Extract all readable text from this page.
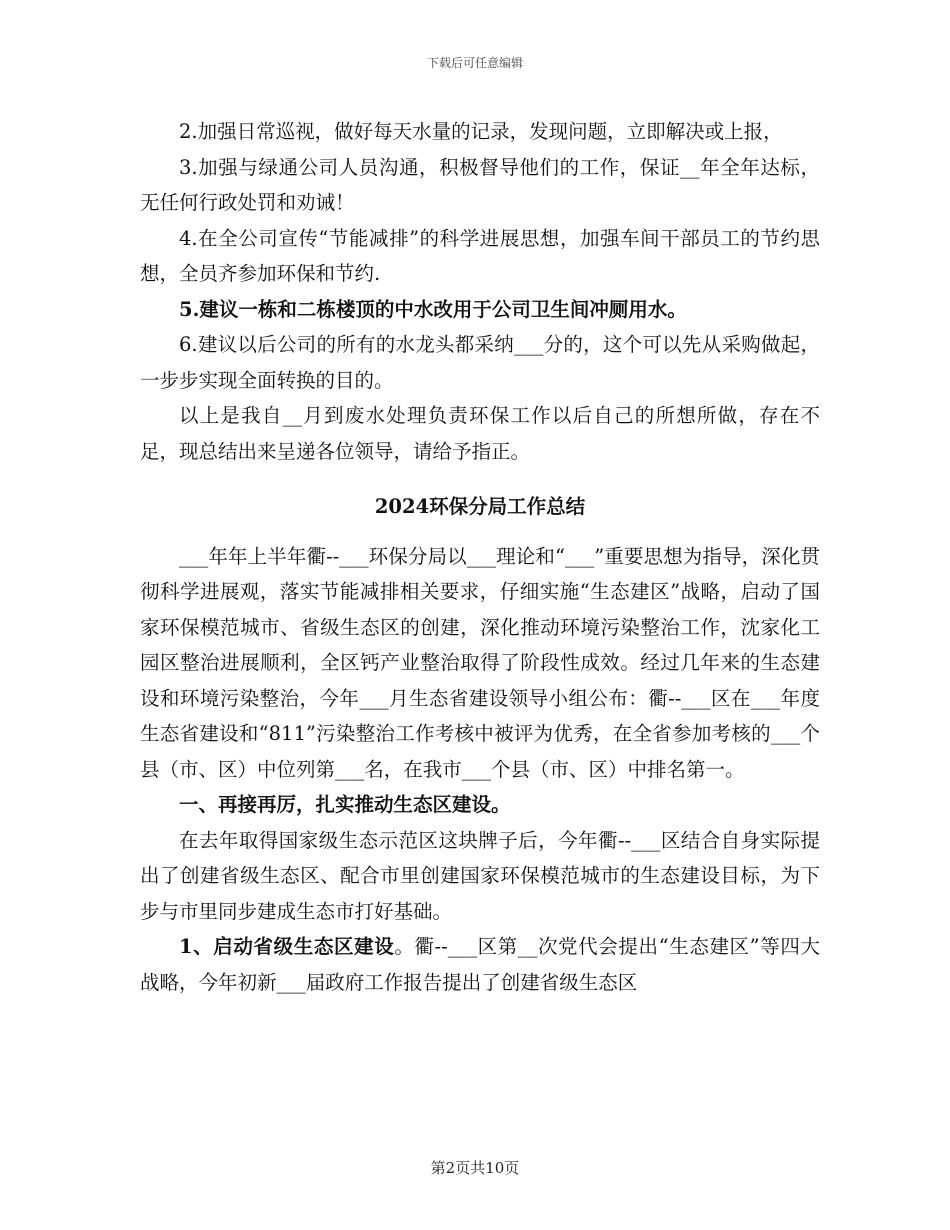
下载后可任意编辑

2.加强日常巡视，做好每天水量的记录，发现问题，立即解决或上报，

3.加强与绿通公司人员沟通，积极督导他们的工作，保证__年全年达标，无任何行政处罚和劝诫！

4.在全公司宣传“节能减排”的科学进展思想，加强车间干部员工的节约思想，全员齐参加环保和节约.

5.建议一栋和二栋楼顶的中水改用于公司卫生间冲厕用水。

6.建议以后公司的所有的水龙头都采纳___分的，这个可以先从采购做起，一步步实现全面转换的目的。

以上是我自__月到废水处理负责环保工作以后自己的所想所做，存在不足，现总结出来呈递各位领导，请给予指正。

2024环保分局工作总结

___年年上半年衢--___环保分局以___理论和“___”重要思想为指导，深化贯彻科学进展观，落实节能减排相关要求，仔细实施“生态建区”战略，启动了国家环保模范城市、省级生态区的创建，深化推动环境污染整治工作，沈家化工园区整治进展顺利，全区钙产业整治取得了阶段性成效。经过几年来的生态建设和环境污染整治，今年___月生态省建设领导小组公布：衢--___区在___年度生态省建设和“811”污染整治工作考核中被评为优秀，在全省参加考核的___个县（市、区）中位列第___名，在我市___个县（市、区）中排名第一。

一、再接再厉，扎实推动生态区建设。

在去年取得国家级生态示范区这块牌子后，今年衢--___区结合自身实际提出了创建省级生态区、配合市里创建国家环保模范城市的生态建设目标，为下步与市里同步建成生态市打好基础。

1、启动省级生态区建设。衢--___区第__次党代会提出“生态建区”等四大战略，今年初新___届政府工作报告提出了创建省级生态区

第2页共10页
